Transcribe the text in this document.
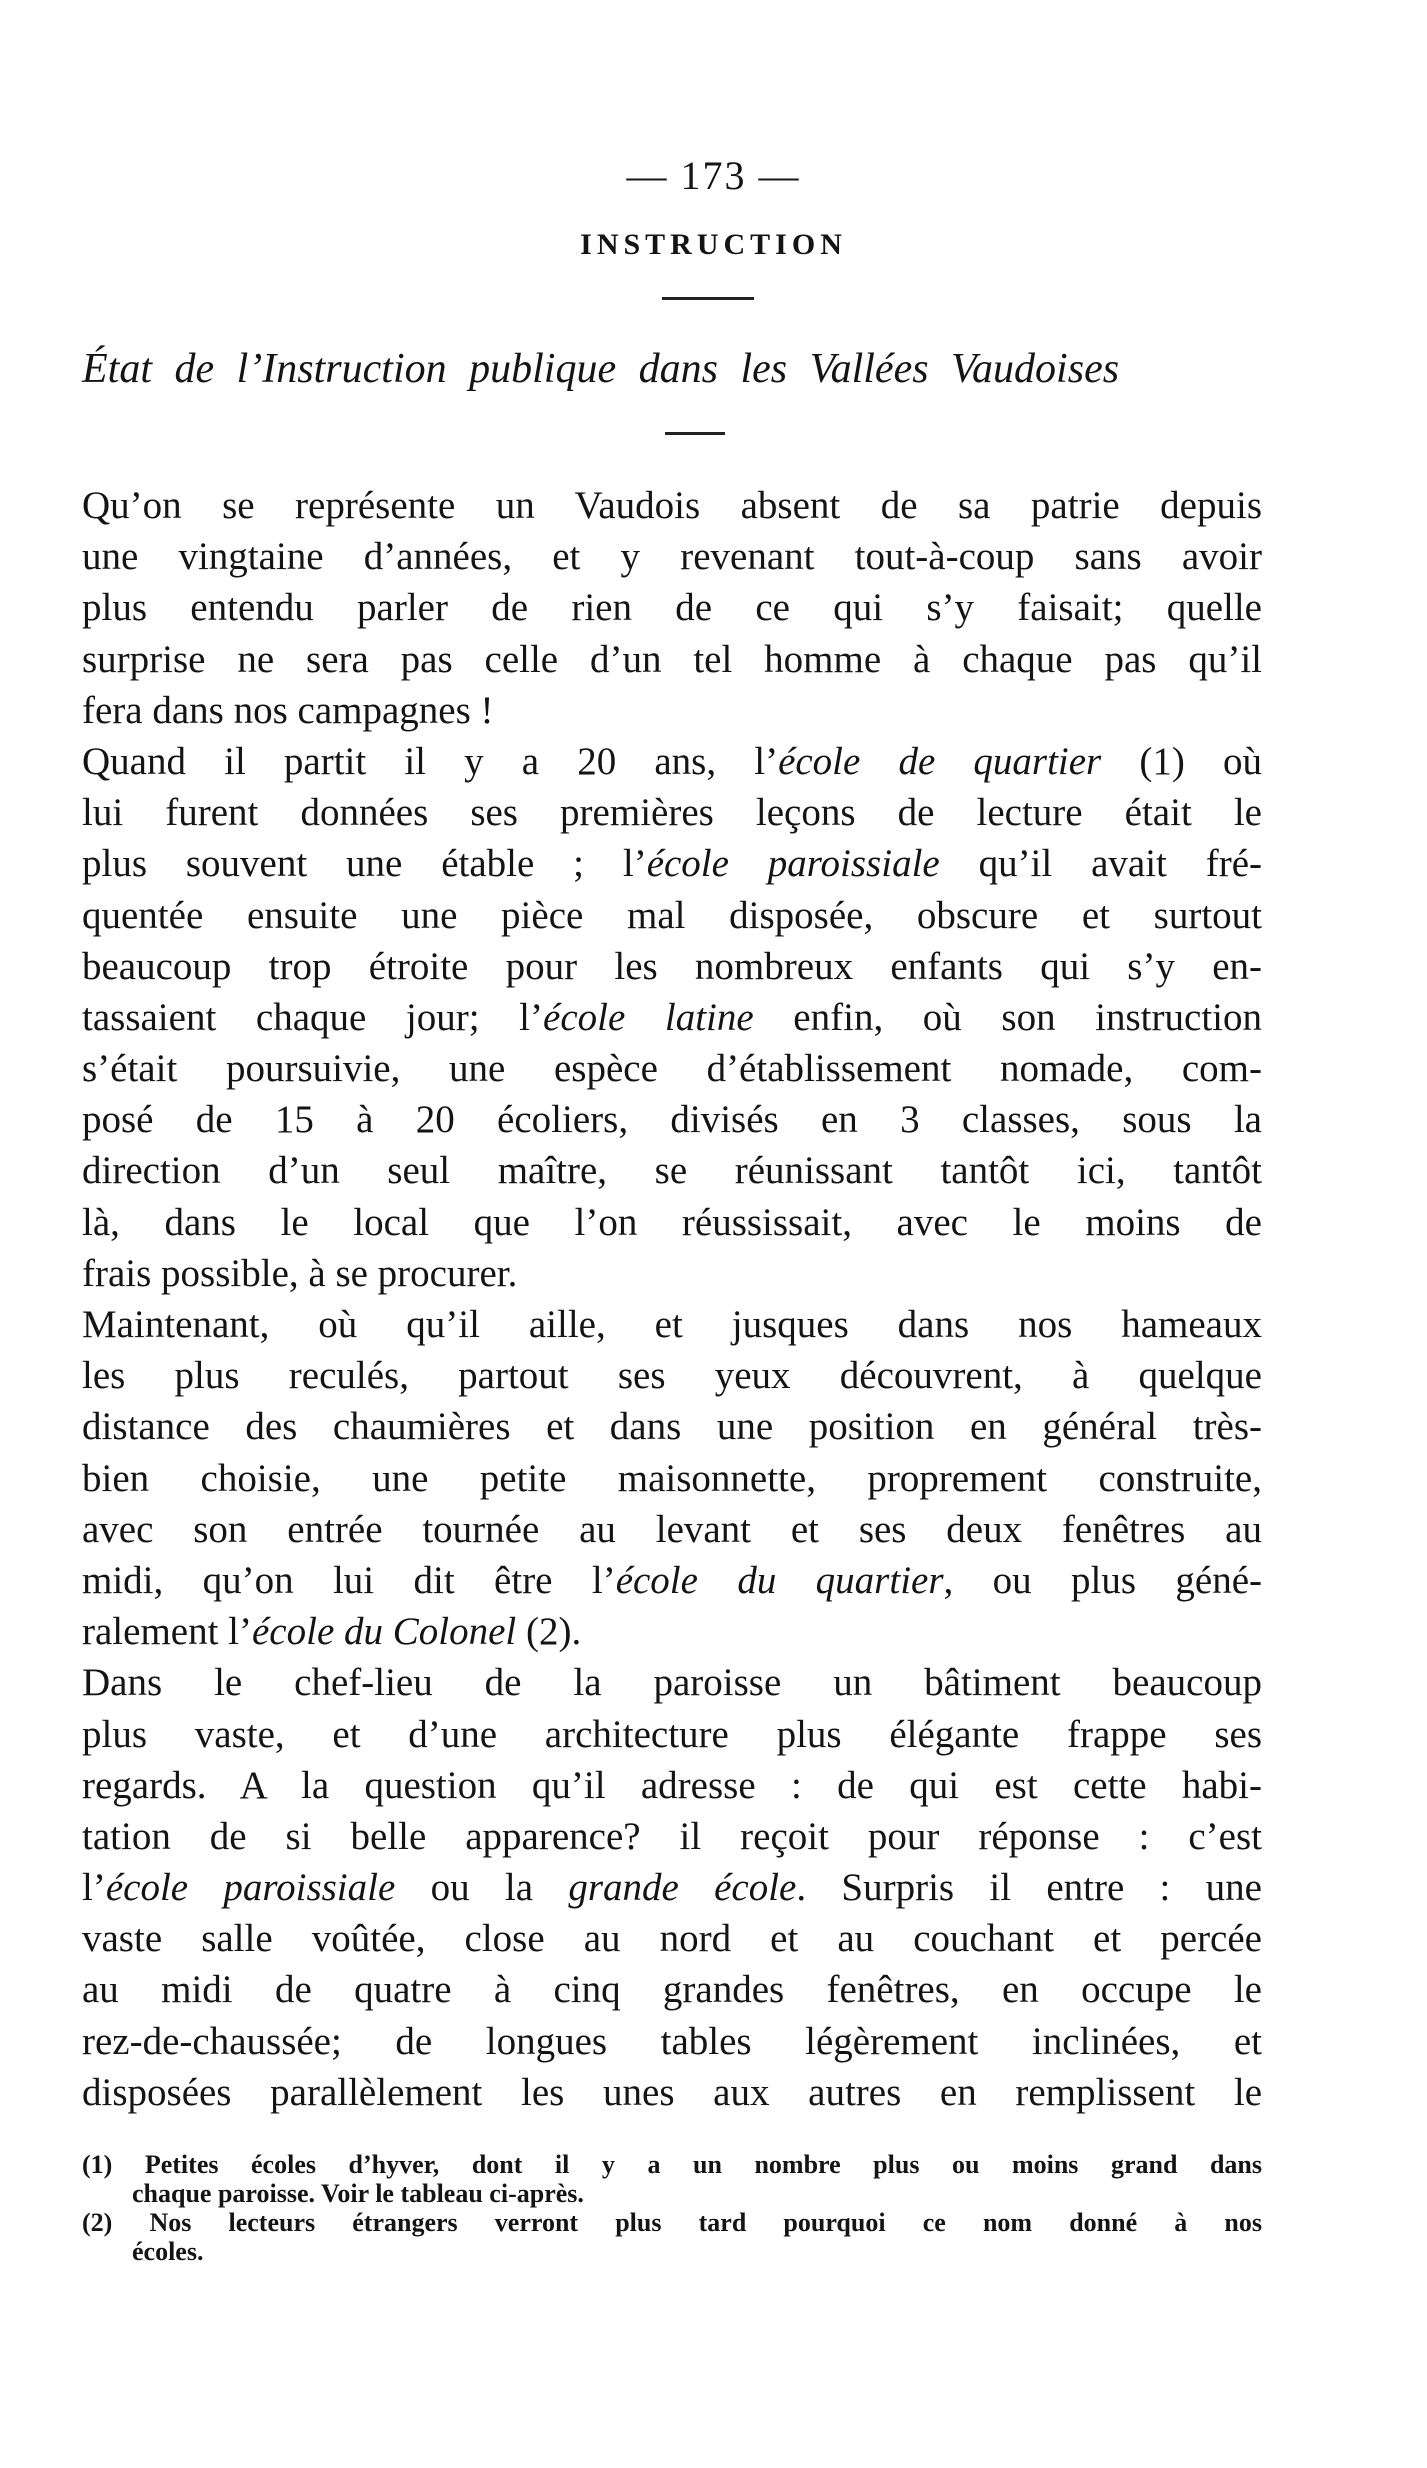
— 173 —
INSTRUCTION
État de l’Instruction publique dans les Vallées Vaudoises
Qu’on se représente un Vaudois absent de sa patrie depuis
une vingtaine d’années, et y revenant tout-à-coup sans avoir
plus entendu parler de rien de ce qui s’y faisait; quelle
surprise ne sera pas celle d’un tel homme à chaque pas qu’il
fera dans nos campagnes !
Quand il partit il y a 20 ans, l’école de quartier (1) où
lui furent données ses premières leçons de lecture était le
plus souvent une étable ; l’école paroissiale qu’il avait fré-
quentée ensuite une pièce mal disposée, obscure et surtout
beaucoup trop étroite pour les nombreux enfants qui s’y en-
tassaient chaque jour; l’école latine enfin, où son instruction
s’était poursuivie, une espèce d’établissement nomade, com-
posé de 15 à 20 écoliers, divisés en 3 classes, sous la
direction d’un seul maître, se réunissant tantôt ici, tantôt
là, dans le local que l’on réussissait, avec le moins de
frais possible, à se procurer.
Maintenant, où qu’il aille, et jusques dans nos hameaux
les plus reculés, partout ses yeux découvrent, à quelque
distance des chaumières et dans une position en général très-
bien choisie, une petite maisonnette, proprement construite,
avec son entrée tournée au levant et ses deux fenêtres au
midi, qu’on lui dit être l’école du quartier, ou plus géné-
ralement l’école du Colonel (2).
Dans le chef-lieu de la paroisse un bâtiment beaucoup
plus vaste, et d’une architecture plus élégante frappe ses
regards. A la question qu’il adresse : de qui est cette habi-
tation de si belle apparence? il reçoit pour réponse : c’est
l’école paroissiale ou la grande école. Surpris il entre : une
vaste salle voûtée, close au nord et au couchant et percée
au midi de quatre à cinq grandes fenêtres, en occupe le
rez-de-chaussée; de longues tables légèrement inclinées, et
disposées parallèlement les unes aux autres en remplissent le
(1) Petites écoles d’hyver, dont il y a un nombre plus ou moins grand dans
chaque paroisse. Voir le tableau ci-après.
(2) Nos lecteurs étrangers verront plus tard pourquoi ce nom donné à nos
écoles.
